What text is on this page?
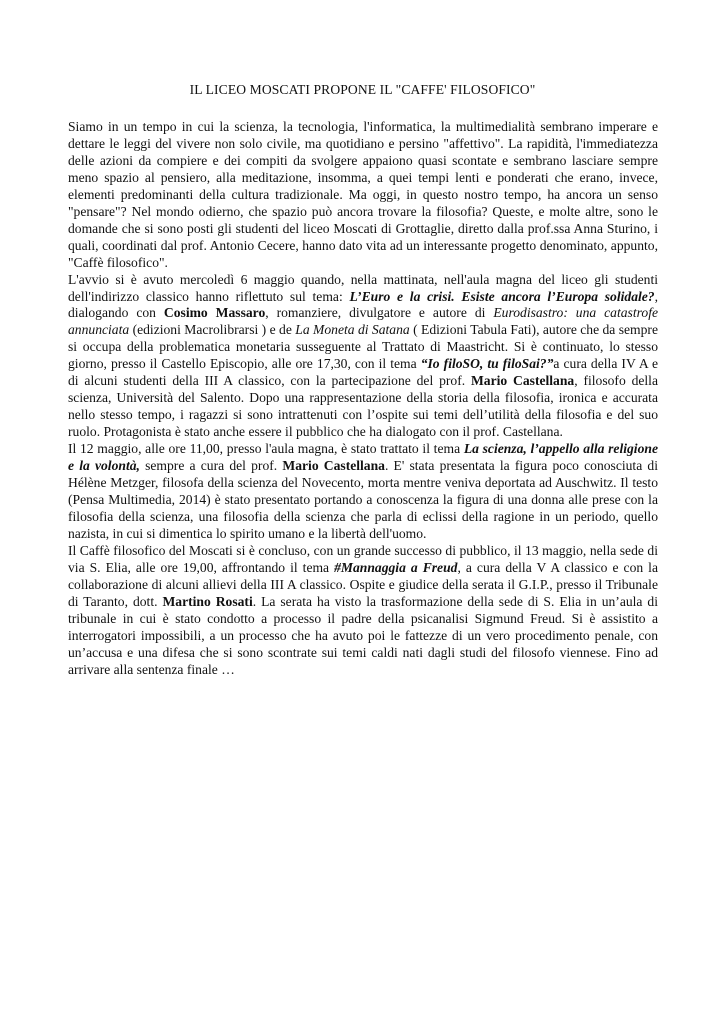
IL LICEO MOSCATI PROPONE IL "CAFFE' FILOSOFICO"

Siamo in un tempo in cui la scienza, la tecnologia, l'informatica, la multimedialità sembrano imperare e dettare le leggi del vivere non solo civile, ma quotidiano e persino "affettivo". La rapidità, l'immediatezza delle azioni da compiere e dei compiti da svolgere appaiono quasi scontate e sembrano lasciare sempre meno spazio al pensiero, alla meditazione, insomma, a quei tempi lenti e ponderati che erano, invece, elementi predominanti della cultura tradizionale. Ma oggi, in questo nostro tempo, ha ancora un senso "pensare"? Nel mondo odierno, che spazio può ancora trovare la filosofia? Queste, e molte altre, sono le domande che si sono posti gli studenti del liceo Moscati di Grottaglie, diretto dalla prof.ssa Anna Sturino, i quali, coordinati dal prof. Antonio Cecere, hanno dato vita ad un interessante progetto denominato, appunto, "Caffè filosofico".

L'avvio si è avuto mercoledì 6 maggio quando, nella mattinata, nell'aula magna del liceo gli studenti dell'indirizzo classico hanno riflettuto sul tema: L’Euro e la crisi. Esiste ancora l’Europa solidale?, dialogando con Cosimo Massaro, romanziere, divulgatore e autore di Eurodisastro: una catastrofe annunciata (edizioni Macrolibrarsi ) e de La Moneta di Satana ( Edizioni Tabula Fati), autore che da sempre si occupa della problematica monetaria susseguente al Trattato di Maastricht. Si è continuato, lo stesso giorno, presso il Castello Episcopio, alle ore 17,30, con il tema “Io filoSO, tu filoSai?”a cura della IV A e di alcuni studenti della III A classico, con la partecipazione del prof. Mario Castellana, filosofo della scienza, Università del Salento. Dopo una rappresentazione della storia della filosofia, ironica e accurata nello stesso tempo, i ragazzi si sono intrattenuti con l’ospite sui temi dell’utilità della filosofia e del suo ruolo. Protagonista è stato anche essere il pubblico che ha dialogato con il prof. Castellana.

Il 12 maggio, alle ore 11,00, presso l'aula magna, è stato trattato il tema La scienza, l’appello alla religione e la volontà, sempre a cura del prof. Mario Castellana. E' stata presentata la figura poco conosciuta di Hélène Metzger, filosofa della scienza del Novecento, morta mentre veniva deportata ad Auschwitz. Il testo (Pensa Multimedia, 2014) è stato presentato portando a conoscenza la figura di una donna alle prese con la filosofia della scienza, una filosofia della scienza che parla di eclissi della ragione in un periodo, quello nazista, in cui si dimentica lo spirito umano e la libertà dell'uomo.

Il Caffè filosofico del Moscati si è concluso, con un grande successo di pubblico, il 13 maggio, nella sede di via S. Elia, alle ore 19,00, affrontando il tema #Mannaggia a Freud, a cura della V A classico e con la collaborazione di alcuni allievi della III A classico. Ospite e giudice della serata il G.I.P., presso il Tribunale di Taranto, dott. Martino Rosati. La serata ha visto la trasformazione della sede di S. Elia in un’aula di tribunale in cui è stato condotto a processo il padre della psicanalisi Sigmund Freud. Si è assistito a interrogatori impossibili, a un processo che ha avuto poi le fattezze di un vero procedimento penale, con un’accusa e una difesa che si sono scontrate sui temi caldi nati dagli studi del filosofo viennese. Fino ad arrivare alla sentenza finale …
